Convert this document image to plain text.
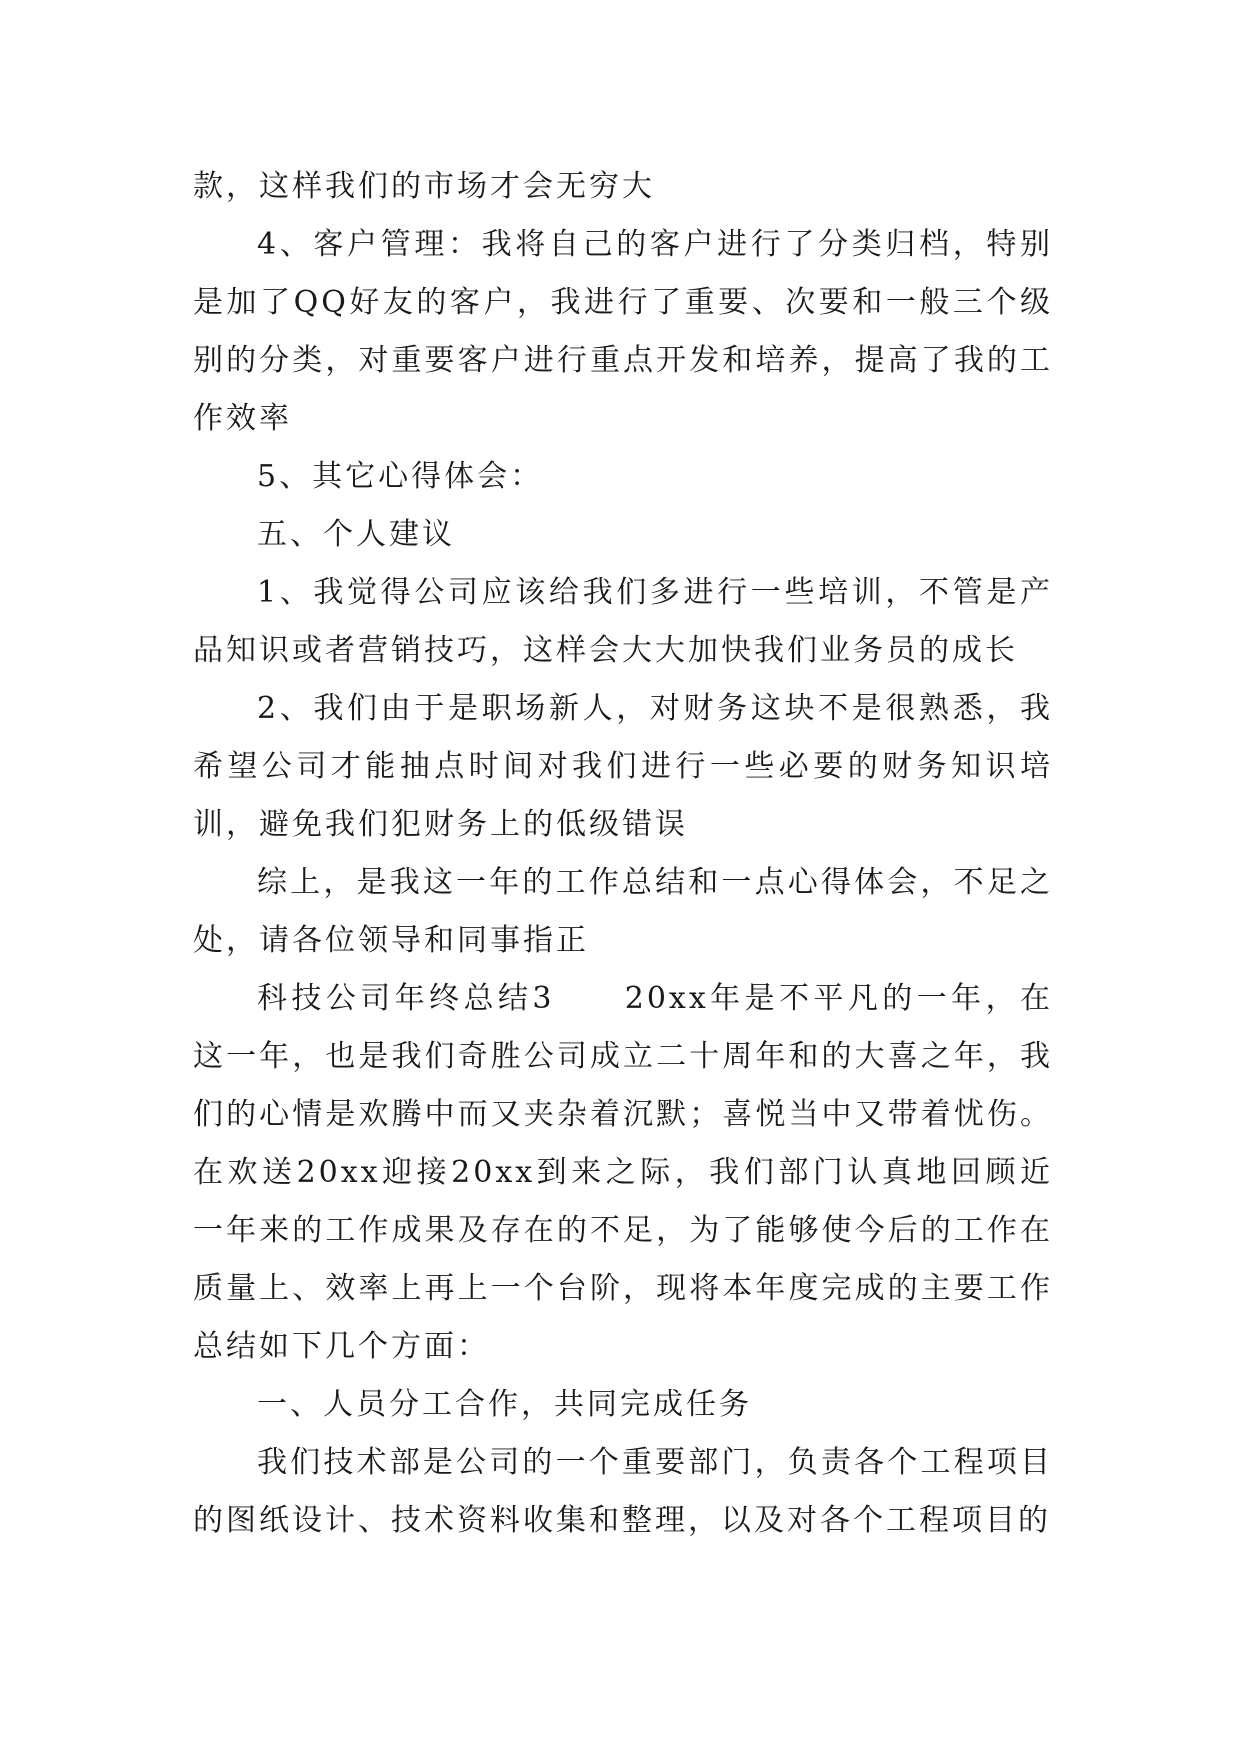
款，这样我们的市场才会无穷大

4、客户管理：我将自己的客户进行了分类归档，特别是加了QQ好友的客户，我进行了重要、次要和一般三个级别的分类，对重要客户进行重点开发和培养，提高了我的工作效率

5、其它心得体会：

五、个人建议

1、我觉得公司应该给我们多进行一些培训，不管是产品知识或者营销技巧，这样会大大加快我们业务员的成长

2、我们由于是职场新人，对财务这块不是很熟悉，我希望公司才能抽点时间对我们进行一些必要的财务知识培训，避免我们犯财务上的低级错误

综上，是我这一年的工作总结和一点心得体会，不足之处，请各位领导和同事指正

科技公司年终总结3　　20xx年是不平凡的一年，在这一年，也是我们奇胜公司成立二十周年和的大喜之年，我们的心情是欢腾中而又夹杂着沉默；喜悦当中又带着忧伤。在欢送20xx迎接20xx到来之际，我们部门认真地回顾近一年来的工作成果及存在的不足，为了能够使今后的工作在质量上、效率上再上一个台阶，现将本年度完成的主要工作总结如下几个方面：

一、人员分工合作，共同完成任务

我们技术部是公司的一个重要部门，负责各个工程项目的图纸设计、技术资料收集和整理，以及对各个工程项目的
